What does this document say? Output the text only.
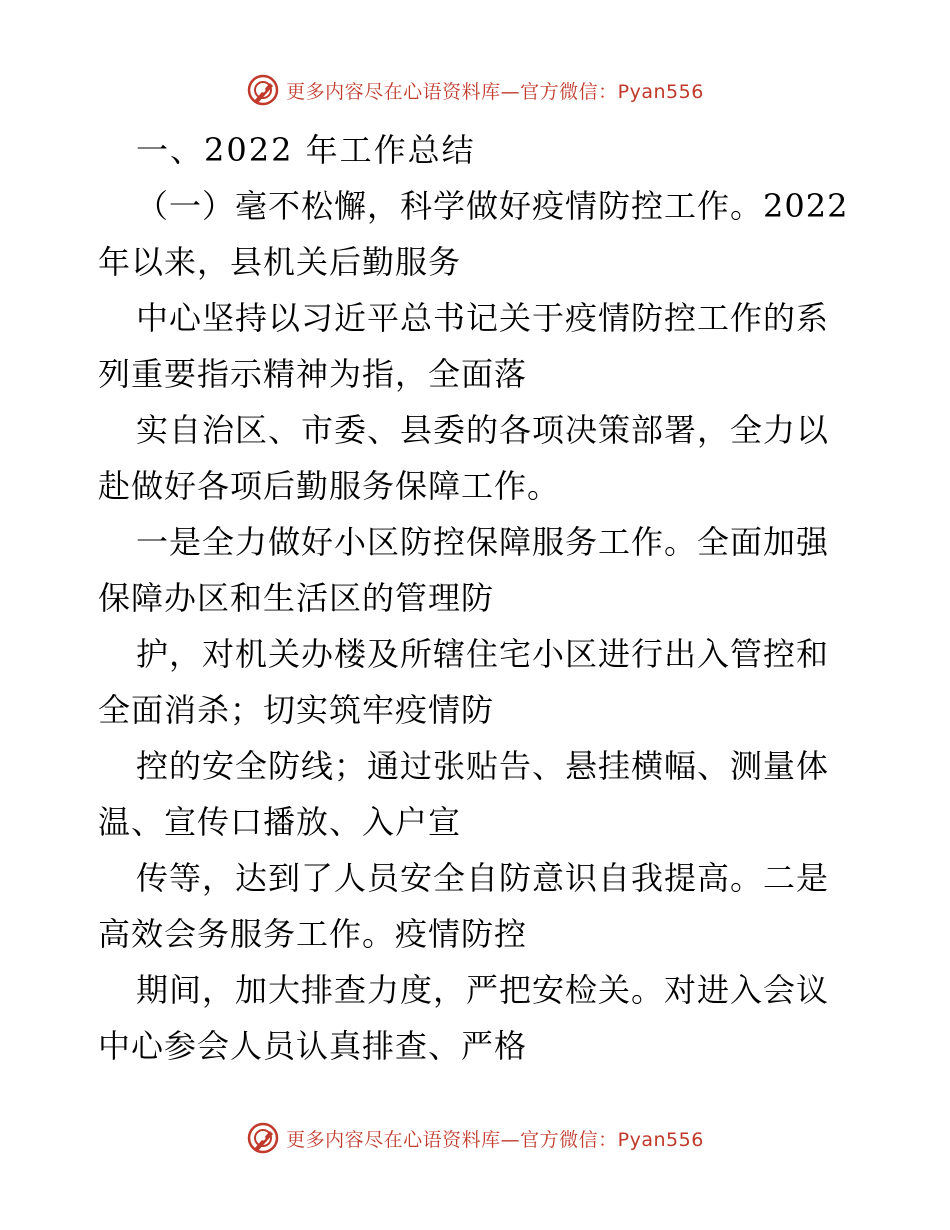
更多内容尽在心语资料库—官方微信：Pyan556
一、2022 年工作总结
（一）毫不松懈，科学做好疫情防控工作。2022
年以来，县机关后勤服务
中心坚持以习近平总书记关于疫情防控工作的系
列重要指示精神为指，全面落
实自治区、市委、县委的各项决策部署，全力以
赴做好各项后勤服务保障工作。
一是全力做好小区防控保障服务工作。全面加强
保障办区和生活区的管理防
护，对机关办楼及所辖住宅小区进行出入管控和
全面消杀；切实筑牢疫情防
控的安全防线；通过张贴告、悬挂横幅、测量体
温、宣传口播放、入户宣
传等，达到了人员安全自防意识自我提高。二是
高效会务服务工作。疫情防控
期间，加大排查力度，严把安检关。对进入会议
中心参会人员认真排查、严格
更多内容尽在心语资料库—官方微信：Pyan556
